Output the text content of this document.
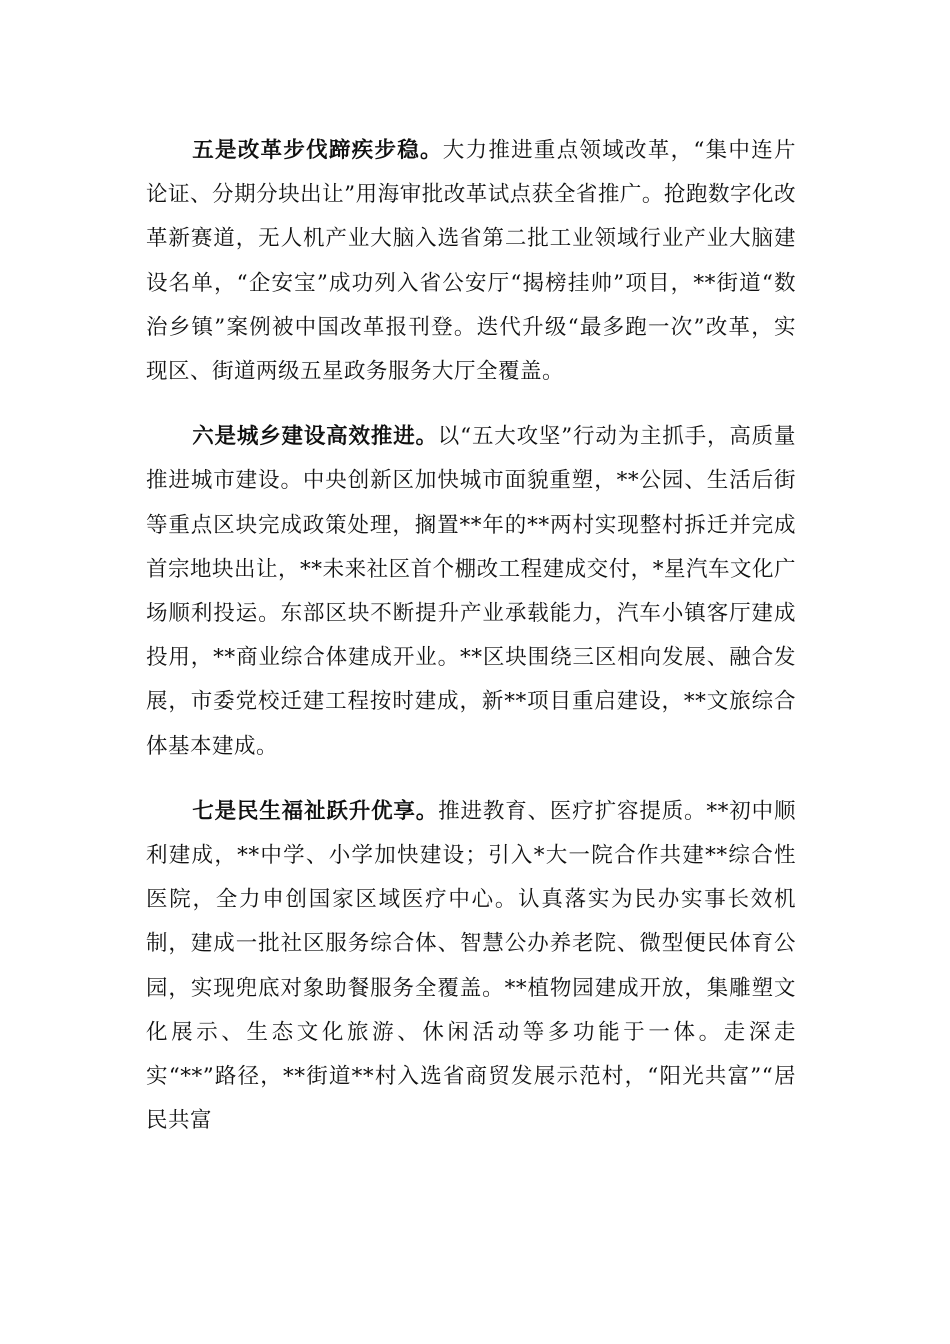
五是改革步伐蹄疾步稳。大力推进重点领域改革，“集中连片论证、分期分块出让”用海审批改革试点获全省推广。抢跑数字化改革新赛道，无人机产业大脑入选省第二批工业领域行业产业大脑建设名单，“企安宝”成功列入省公安厅“揭榜挂帅”项目，**街道“数治乡镇”案例被中国改革报刊登。迭代升级“最多跑一次”改革，实现区、街道两级五星政务服务大厅全覆盖。

六是城乡建设高效推进。以“五大攻坚”行动为主抓手，高质量推进城市建设。中央创新区加快城市面貌重塑，**公园、生活后街等重点区块完成政策处理，搁置**年的**两村实现整村拆迁并完成首宗地块出让，**未来社区首个棚改工程建成交付，*星汽车文化广场顺利投运。东部区块不断提升产业承载能力，汽车小镇客厅建成投用，**商业综合体建成开业。**区块围绕三区相向发展、融合发展，市委党校迁建工程按时建成，新**项目重启建设，**文旅综合体基本建成。

七是民生福祉跃升优享。推进教育、医疗扩容提质。**初中顺利建成，**中学、小学加快建设；引入*大一院合作共建**综合性医院，全力申创国家区域医疗中心。认真落实为民办实事长效机制，建成一批社区服务综合体、智慧公办养老院、微型便民体育公园，实现兜底对象助餐服务全覆盖。**植物园建成开放，集雕塑文化展示、生态文化旅游、休闲活动等多功能于一体。走深走实“**”路径，**街道**村入选省商贸发展示范村，“阳光共富”“居民共富
